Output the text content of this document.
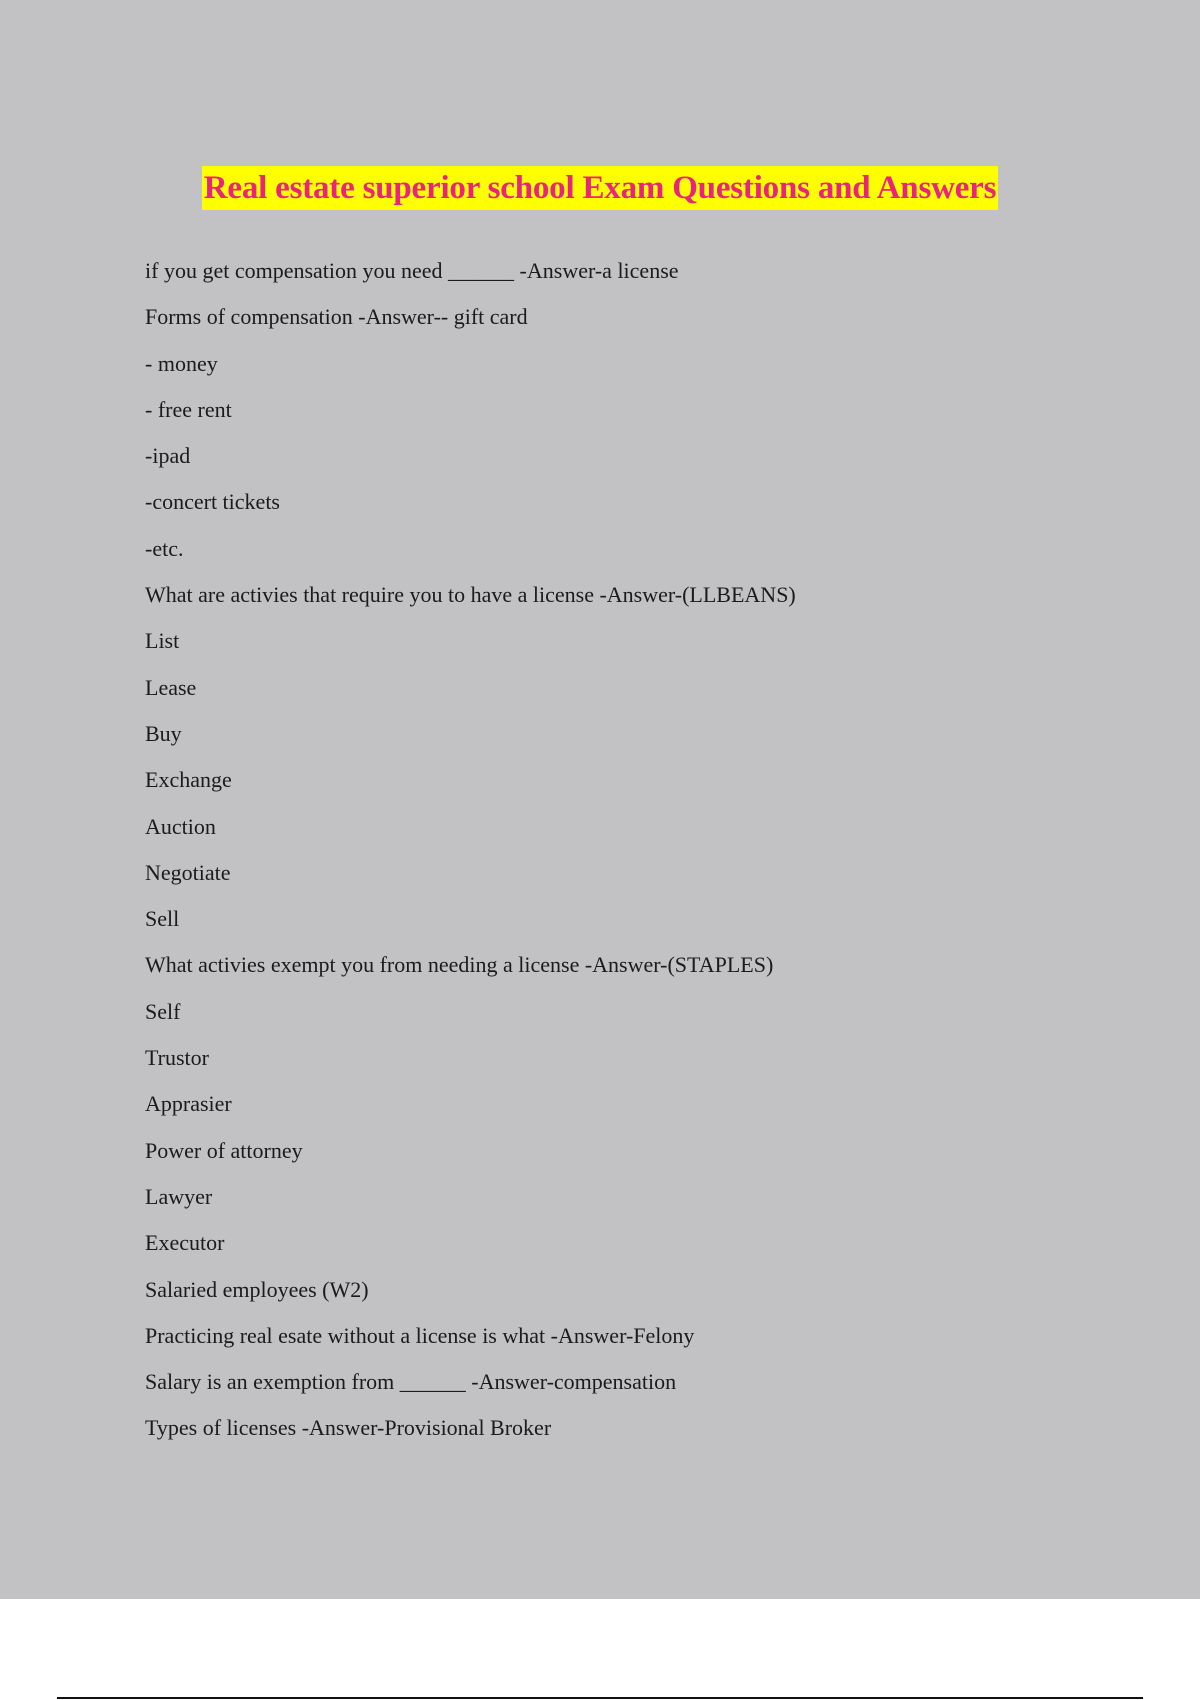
Real estate superior school Exam Questions and Answers
if you get compensation you need ______ -Answer-a license
Forms of compensation -Answer-- gift card
- money
- free rent
-ipad
-concert tickets
-etc.
What are activies that require you to have a license -Answer-(LLBEANS)
List
Lease
Buy
Exchange
Auction
Negotiate
Sell
What activies exempt you from needing a license -Answer-(STAPLES)
Self
Trustor
Apprasier
Power of attorney
Lawyer
Executor
Salaried employees (W2)
Practicing real esate without a license is what -Answer-Felony
Salary is an exemption from ______ -Answer-compensation
Types of licenses -Answer-Provisional Broker
